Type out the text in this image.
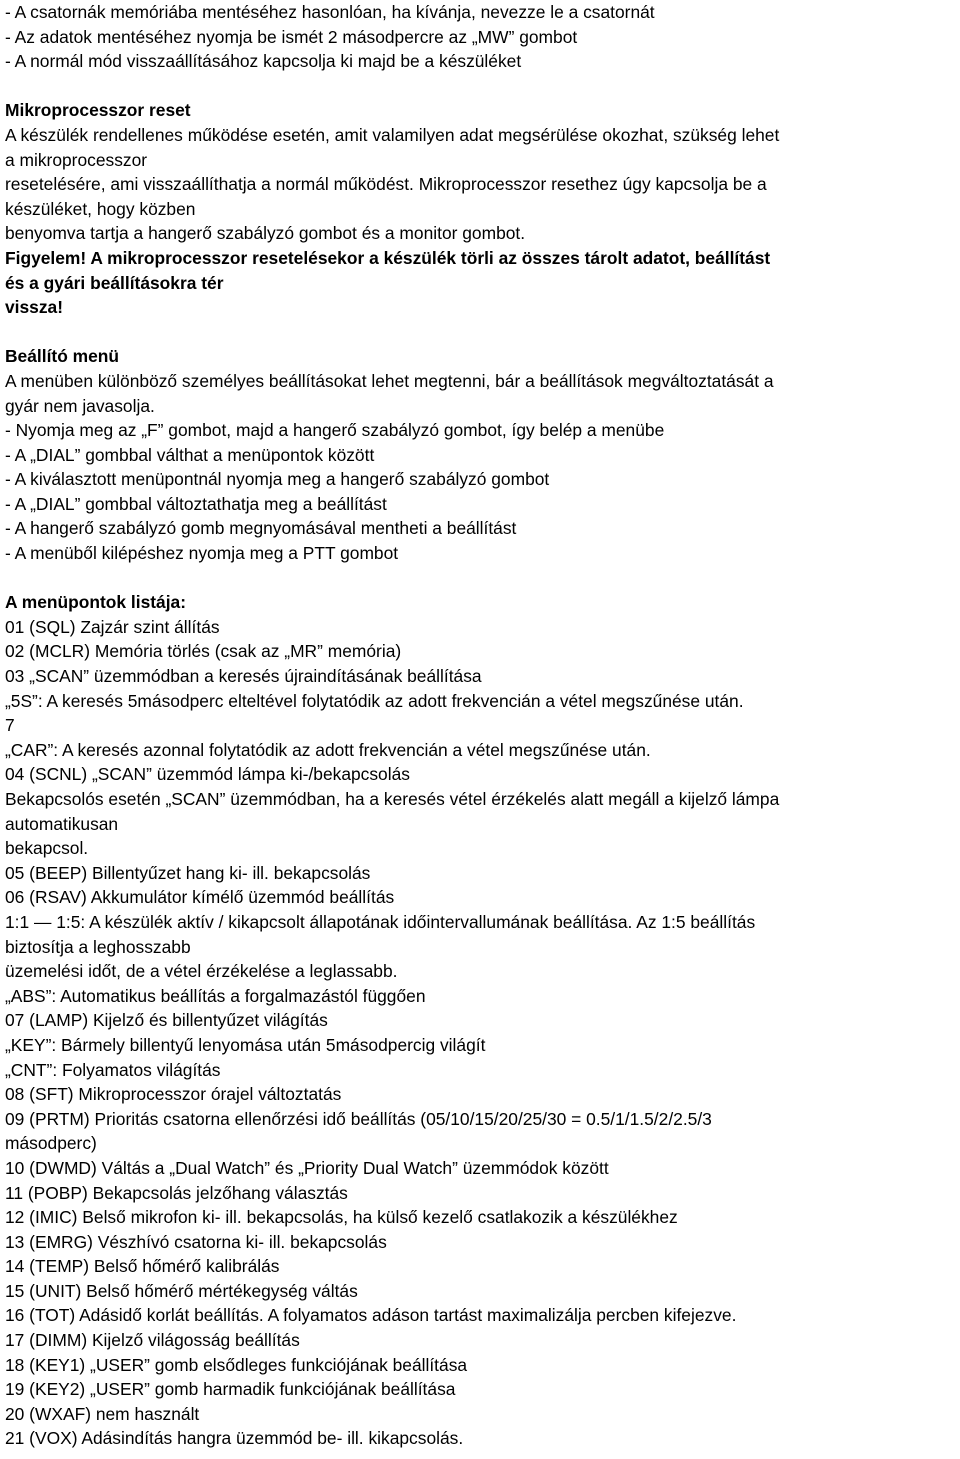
- A csatornák memóriába mentéséhez hasonlóan, ha kívánja, nevezze le a csatornát
- Az adatok mentéséhez nyomja be ismét 2 másodpercre az „MW” gombot
- A normál mód visszaállításához kapcsolja ki majd be a készüléket
Mikroprocesszor reset
A készülék rendellenes működése esetén, amit valamilyen adat megsérülése okozhat, szükség lehet
a mikroprocesszor
resetelésére, ami visszaállíthatja a normál működést. Mikroprocesszor resethez úgy kapcsolja be a
készüléket, hogy közben
benyomva tartja a hangerő szabályzó gombot és a monitor gombot.
Figyelem! A mikroprocesszor resetelésekor a készülék törli az összes tárolt adatot, beállítást
és a gyári beállításokra tér
vissza!
Beállító menü
A menüben különböző személyes beállításokat lehet megtenni, bár a beállítások megváltoztatását a
gyár nem javasolja.
- Nyomja meg az „F” gombot, majd a hangerő szabályzó gombot, így belép a menübe
- A „DIAL” gombbal válthat a menüpontok között
- A kiválasztott menüpontnál nyomja meg a hangerő szabályzó gombot
- A „DIAL” gombbal változtathatja meg a beállítást
- A hangerő szabályzó gomb megnyomásával mentheti a beállítást
- A menüből kilépéshez nyomja meg a PTT gombot
A menüpontok listája:
01 (SQL) Zajzár szint állítás
02 (MCLR) Memória törlés (csak az „MR” memória)
03 „SCAN” üzemmódban a keresés újraindításának beállítása
„5S”: A keresés 5másodperc elteltével folytatódik az adott frekvencián a vétel megszűnése után.
7
„CAR”: A keresés azonnal folytatódik az adott frekvencián a vétel megszűnése után.
04 (SCNL) „SCAN” üzemmód lámpa ki-/bekapcsolás
Bekapcsolós esetén „SCAN” üzemmódban, ha a keresés vétel érzékelés alatt megáll a kijelző lámpa
automatikusan
bekapcsol.
05 (BEEP) Billentyűzet hang ki- ill. bekapcsolás
06 (RSAV) Akkumulátor kímélő üzemmód beállítás
1:1 — 1:5: A készülék aktív / kikapcsolt állapotának időintervallumának beállítása. Az 1:5 beállítás
biztosítja a leghosszabb
üzemelési időt, de a vétel érzékelése a leglassabb.
„ABS”: Automatikus beállítás a forgalmazástól függően
07 (LAMP) Kijelző és billentyűzet világítás
„KEY”: Bármely billentyű lenyomása után 5másodpercig világít
„CNT”: Folyamatos világítás
08 (SFT) Mikroprocesszor órajel változtatás
09 (PRTM) Prioritás csatorna ellenőrzési idő beállítás (05/10/15/20/25/30 = 0.5/1/1.5/2/2.5/3
másodperc)
10 (DWMD) Váltás a „Dual Watch” és „Priority Dual Watch” üzemmódok között
11 (POBP) Bekapcsolás jelzőhang választás
12 (IMIC) Belső mikrofon ki- ill. bekapcsolás, ha külső kezelő csatlakozik a készülékhez
13 (EMRG) Vészhívó csatorna ki- ill. bekapcsolás
14 (TEMP) Belső hőmérő kalibrálás
15 (UNIT) Belső hőmérő mértékegység váltás
16 (TOT) Adásidő korlát beállítás. A folyamatos adáson tartást maximalizálja percben kifejezve.
17 (DIMM) Kijelző világosság beállítás
18 (KEY1) „USER” gomb elsődleges funkciójának beállítása
19 (KEY2) „USER” gomb harmadik funkciójának beállítása
20 (WXAF) nem használt
21 (VOX) Adásindítás hangra üzemmód be- ill. kikapcsolás.
